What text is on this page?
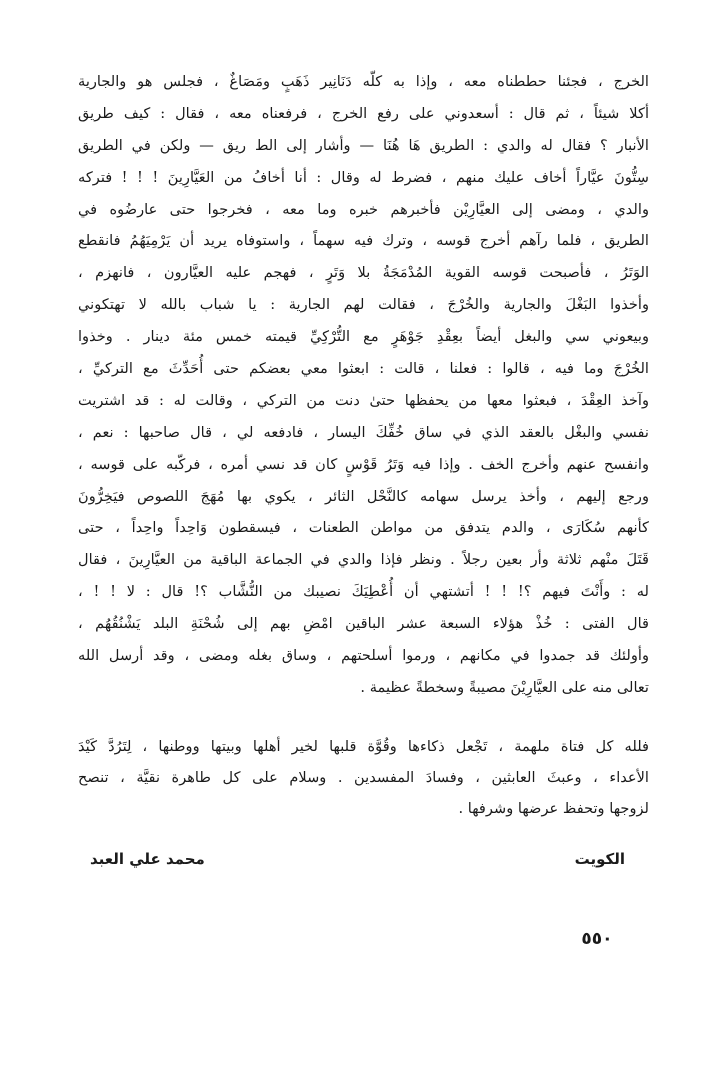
الخرج ، فجئنا حططناه معه ، وإذا به كلّه دَنَانِير ذَهَبٍ ومَصَاغٌ ، فجلس هو والجارية
أكلا شيئاً ، ثم قال : أسعدوني على رفع الخرج ، فرفعناه معه ، فقال : كيف طريق
الأنبار ؟ فقال له والدي : الطريق هَا هُنَا — وأشار إلى الط ريق — ولكن في الطريق
سِتُّونَ عيَّاراً أخاف عليك منهم ، فضرط له وقال : أنا أخافُ من العَيَّارِينَ ! ! ! فتركه
والدي ، ومضى إلى العيَّارِيْن فأخبرهم خبره وما معه ، فخرجوا حتى عارضُوه في
الطريق ، فلما رآهم أخرج قوسه ، وترك فيه سهماً ، واستوفاه يريد أن يَرْمِيَهُمُ فانقطع
الوَتَرُ ، فأصبحت قوسه القوية المُدْمَجَةُ بلا وَتَرٍ ، فهجم عليه العيَّارون ، فانهزم ،
وأخذوا البَغْلَ والجارية والخُرْجَ ، فقالت لهم الجارية : يا شباب بالله لا تهتكوني
وبيعوني سي والبغل أيضاً بعِقْدِ جَوْهَرٍ مع التُّرْكِيِّ قيمته خمس مئة دينار . وخذوا
الخُرْجَ وما فيه ، قالوا : فعلنا ، قالت : ابعثوا معي بعضكم حتى أُحَدِّثَ مع التركيِّ ،
وآخذ العِقْدَ ، فبعثوا معها من يحفظها حتىٰ دنت من التركي ، وقالت له : قد اشتريت
نفسي والبغْل بالعقد الذي في ساق خُفِّكَ اليسار ، فادفعه لي ، قال صاحبها : نعم ،
وانفسح عنهم وأخرج الخف . وإذا فيه وَتَرُ قَوْسٍ كان قد نسي أمره ، فركّبه على قوسه ،
ورجع إليهم ، وأخذ يرسل سهامه كالنَّحْل الثائر ، يكوي بها مُهَجَ اللصوص فيَخِرُّونَ
كأنهم سُكَارَى ، والدم يتدفق من مواطن الطعنات ، فيسقطون وَاحِداً واحِداً ، حتى
قَتَلَ منْهم ثلاثة وأر بعين رجلاً . ونظر فإذا والدي في الجماعة الباقية من العيَّارِينَ ، فقال
له : وأَنْتَ فيهم ؟! ! ! أتشتهي أن أُعْطِيَكَ نصيبك من النُّشَّاب ؟! قال : لا ! ! ،
قال الفتى : خُذْ هؤلاء السبعة عشر الباقين امْضِ بهم إلى شُحْنَةِ البلد يَشْنُقُهُم ،
وأولئك قد جمدوا في مكانهم ، ورموا أسلحتهم ، وساق بغله ومضى ، وقد أرسل الله
تعالى منه على العيَّارِيْنَ مصيبةً وسخطةً عظيمة .
فلله كل فتاة ملهمة ، تَجْعل ذكاءها وقُوَّة قلبها لخير أهلها وبيتها ووطنها ، لِتَرُدَّ كَيْدَ
الأعداء ، وعبثَ العابثين ، وفسادَ المفسدين . وسلام على كل طاهرة نقيَّة ، تنصح
لزوجها وتحفظ عرضها وشرفها .
الكويت
محمد علي العبد
٥٥٠
